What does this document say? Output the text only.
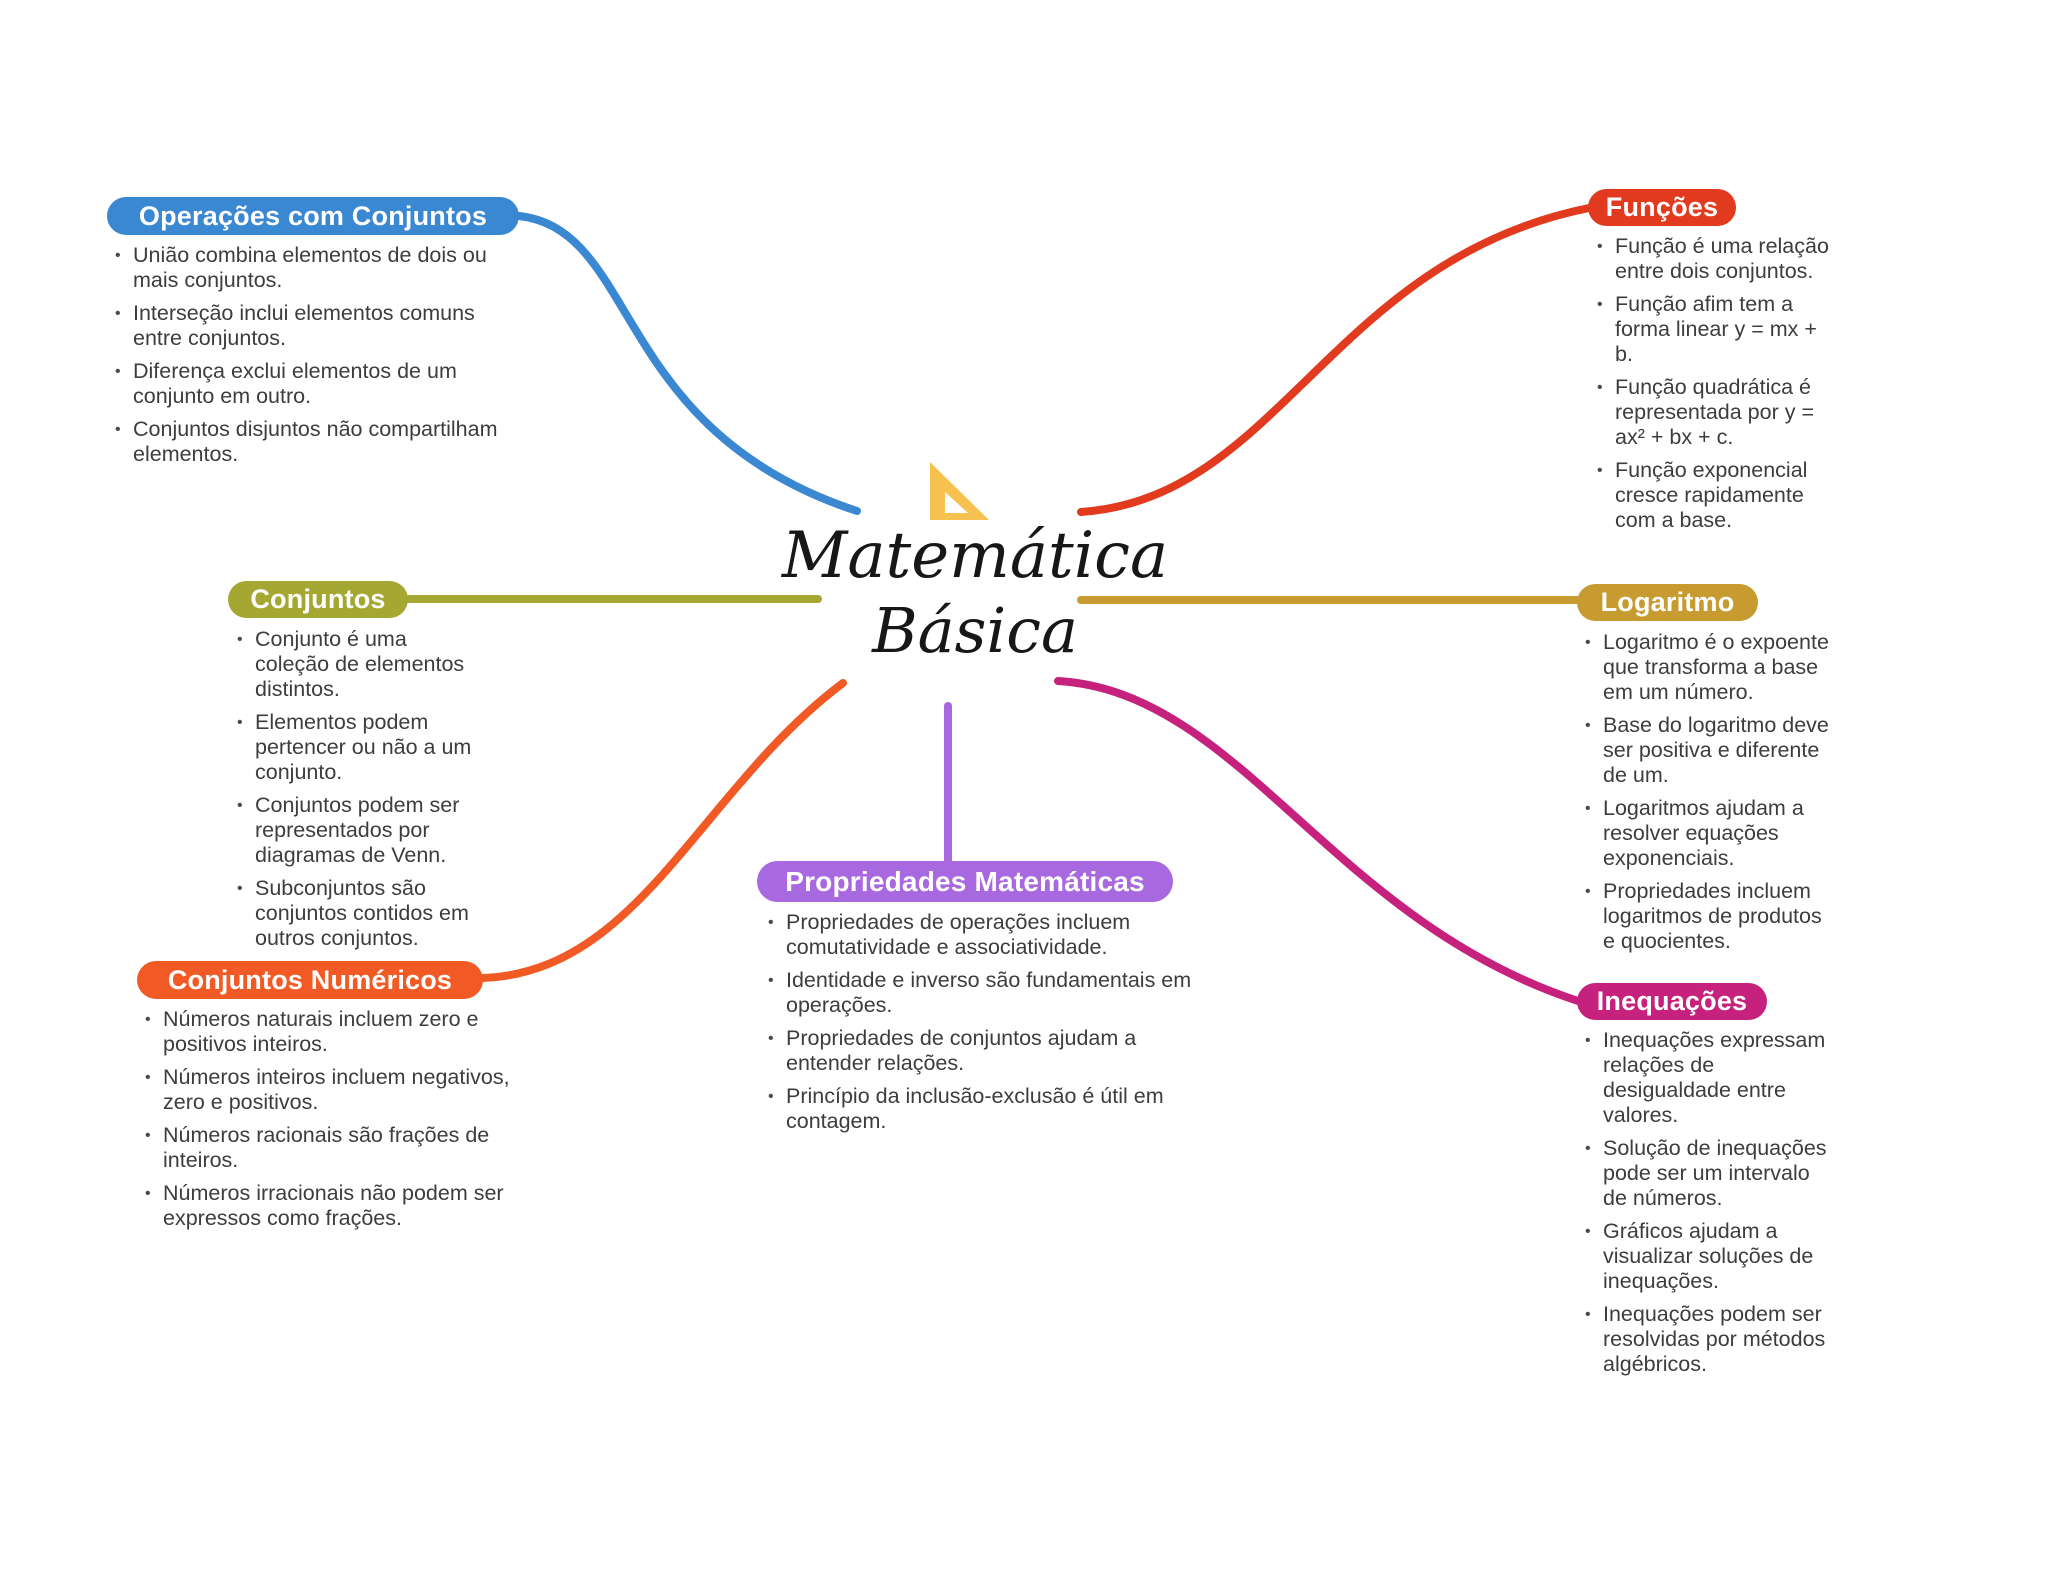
Matemática
Básica
Operações com Conjuntos
Conjuntos
Conjuntos Numéricos
Funções
Logaritmo
Inequações
Propriedades Matemáticas
• União combina elementos de dois ou mais conjuntos.
• Interseção inclui elementos comuns entre conjuntos.
• Diferença exclui elementos de um conjunto em outro.
• Conjuntos disjuntos não compartilham elementos.
• Conjunto é uma coleção de elementos distintos.
• Elementos podem pertencer ou não a um conjunto.
• Conjuntos podem ser representados por diagramas de Venn.
• Subconjuntos são conjuntos contidos em outros conjuntos.
• Números naturais incluem zero e positivos inteiros.
• Números inteiros incluem negativos, zero e positivos.
• Números racionais são frações de inteiros.
• Números irracionais não podem ser expressos como frações.
• Função é uma relação entre dois conjuntos.
• Função afim tem a forma linear y = mx + b.
• Função quadrática é representada por y = ax² + bx + c.
• Função exponencial cresce rapidamente com a base.
• Logaritmo é o expoente que transforma a base em um número.
• Base do logaritmo deve ser positiva e diferente de um.
• Logaritmos ajudam a resolver equações exponenciais.
• Propriedades incluem logaritmos de produtos e quocientes.
• Inequações expressam relações de desigualdade entre valores.
• Solução de inequações pode ser um intervalo de números.
• Gráficos ajudam a visualizar soluções de inequações.
• Inequações podem ser resolvidas por métodos algébricos.
• Propriedades de operações incluem comutatividade e associatividade.
• Identidade e inverso são fundamentais em operações.
• Propriedades de conjuntos ajudam a entender relações.
• Princípio da inclusão-exclusão é útil em contagem.
